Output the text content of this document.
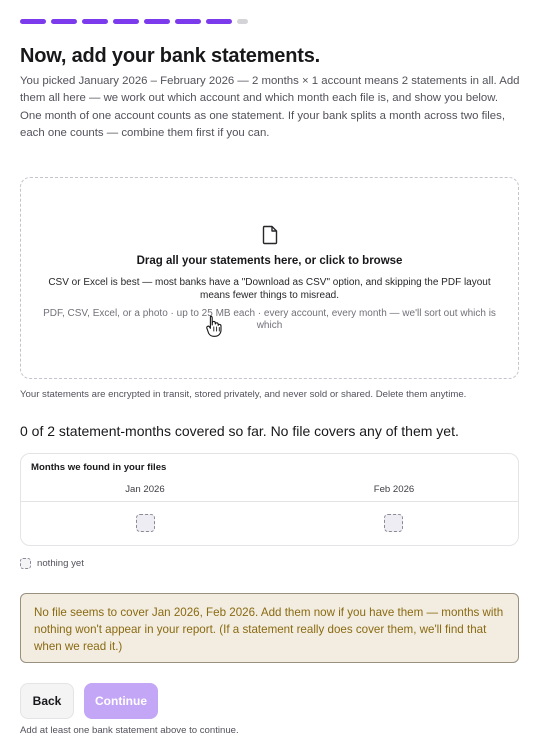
Now, add your bank statements.

You picked January 2026 – February 2026 — 2 months × 1 account means 2 statements in all. Add them all here — we work out which account and which month each file is, and show you below.

One month of one account counts as one statement. If your bank splits a month across two files, each one counts — combine them first if you can.

Drag all your statements here, or click to browse
CSV or Excel is best — most banks have a "Download as CSV" option, and skipping the PDF layout means fewer things to misread.
PDF, CSV, Excel, or a photo · up to 25 MB each · every account, every month — we'll sort out which is which
Your statements are encrypted in transit, stored privately, and never sold or shared. Delete them anytime.
0 of 2 statement-months covered so far. No file covers any of them yet.
Months we found in your files
Jan 2026	Feb 2026
nothing yet
No file seems to cover Jan 2026, Feb 2026. Add them now if you have them — months with nothing won't appear in your report. (If a statement really does cover them, we'll find that when we read it.)
Back	Continue
Add at least one bank statement above to continue.
